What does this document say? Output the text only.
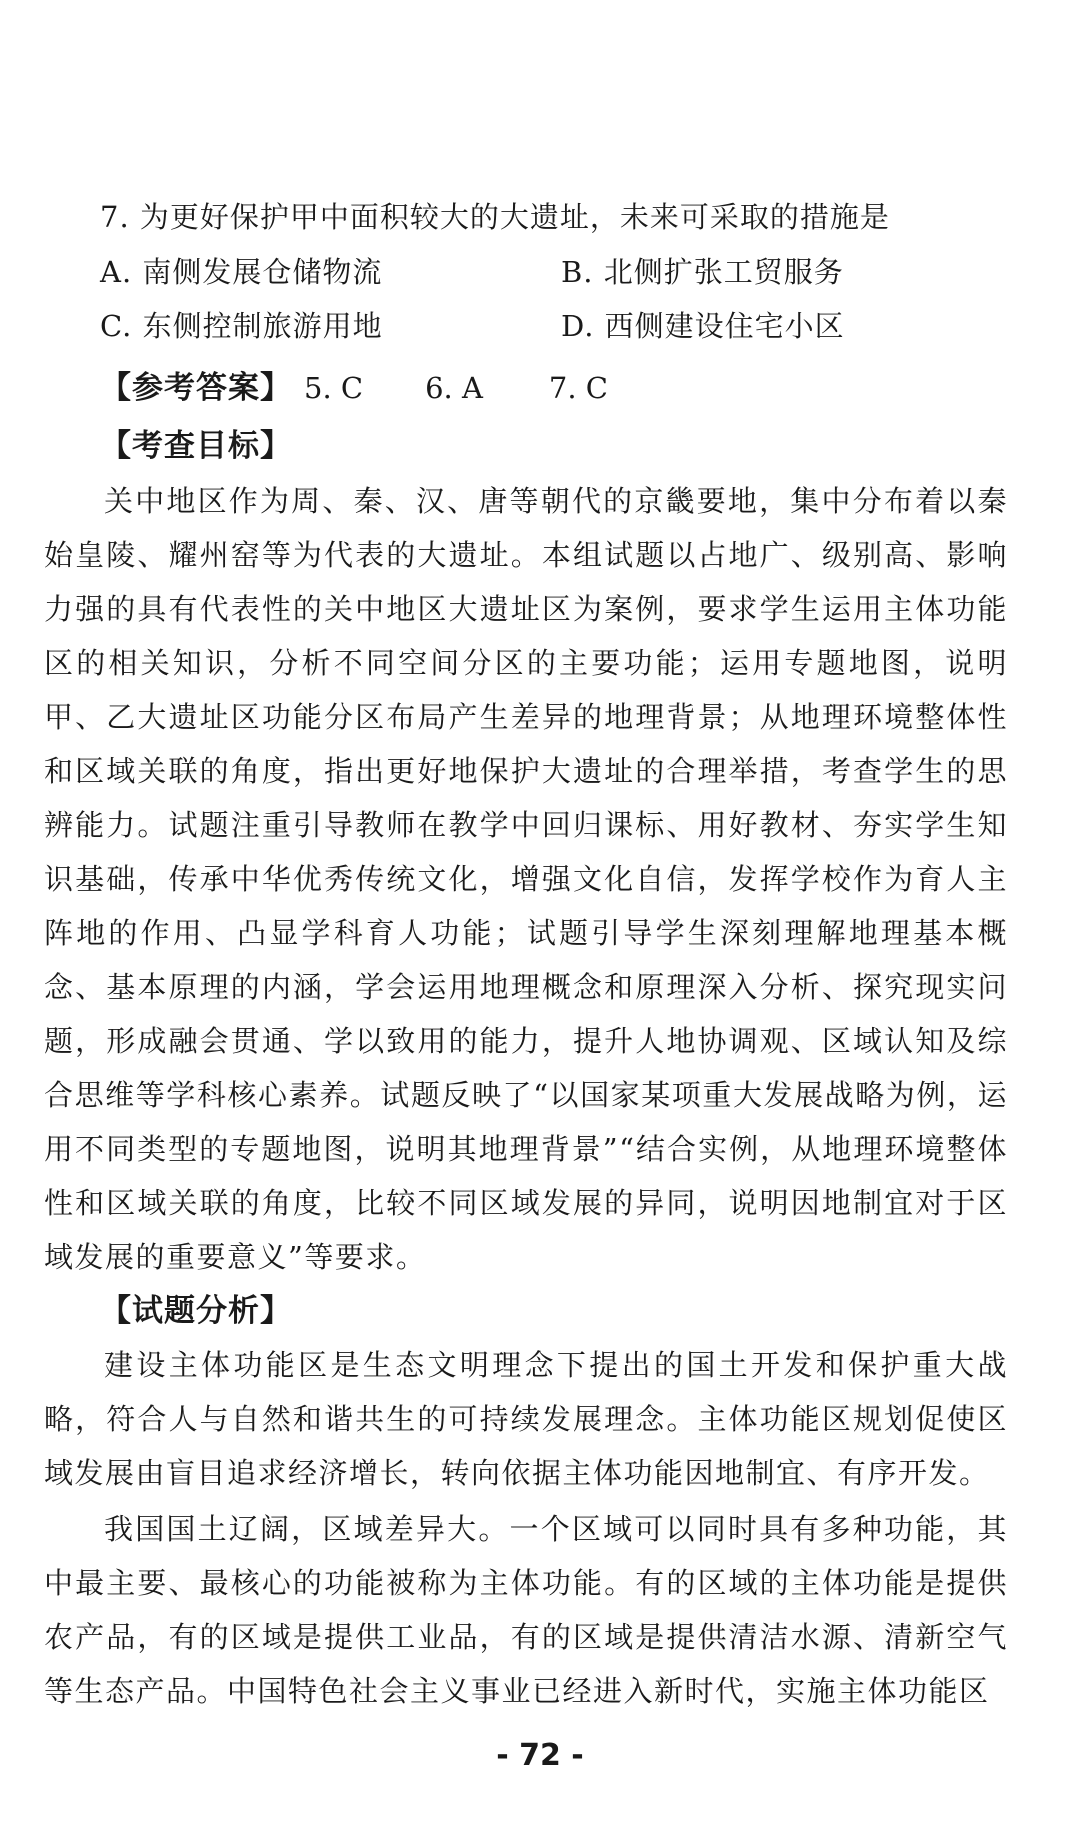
7. 为更好保护甲中面积较大的大遗址，未来可采取的措施是
A. 南侧发展仓储物流	B. 北侧扩张工贸服务
C. 东侧控制旅游用地	D. 西侧建设住宅小区
【参考答案】 5. C 6. A 7. C
【考查目标】
关中地区作为周、秦、汉、唐等朝代的京畿要地，集中分布着以秦始皇陵、耀州窑等为代表的大遗址。本组试题以占地广、级别高、影响力强的具有代表性的关中地区大遗址区为案例，要求学生运用主体功能区的相关知识，分析不同空间分区的主要功能；运用专题地图，说明甲、乙大遗址区功能分区布局产生差异的地理背景；从地理环境整体性和区域关联的角度，指出更好地保护大遗址的合理举措，考查学生的思辨能力。试题注重引导教师在教学中回归课标、用好教材、夯实学生知识基础，传承中华优秀传统文化，增强文化自信，发挥学校作为育人主阵地的作用、凸显学科育人功能；试题引导学生深刻理解地理基本概念、基本原理的内涵，学会运用地理概念和原理深入分析、探究现实问题，形成融会贯通、学以致用的能力，提升人地协调观、区域认知及综合思维等学科核心素养。试题反映了“以国家某项重大发展战略为例，运用不同类型的专题地图，说明其地理背景”“结合实例，从地理环境整体性和区域关联的角度，比较不同区域发展的异同，说明因地制宜对于区域发展的重要意义”等要求。
【试题分析】
建设主体功能区是生态文明理念下提出的国土开发和保护重大战略，符合人与自然和谐共生的可持续发展理念。主体功能区规划促使区域发展由盲目追求经济增长，转向依据主体功能因地制宜、有序开发。
我国国土辽阔，区域差异大。一个区域可以同时具有多种功能，其中最主要、最核心的功能被称为主体功能。有的区域的主体功能是提供农产品，有的区域是提供工业品，有的区域是提供清洁水源、清新空气等生态产品。中国特色社会主义事业已经进入新时代，实施主体功能区
- 72 -
